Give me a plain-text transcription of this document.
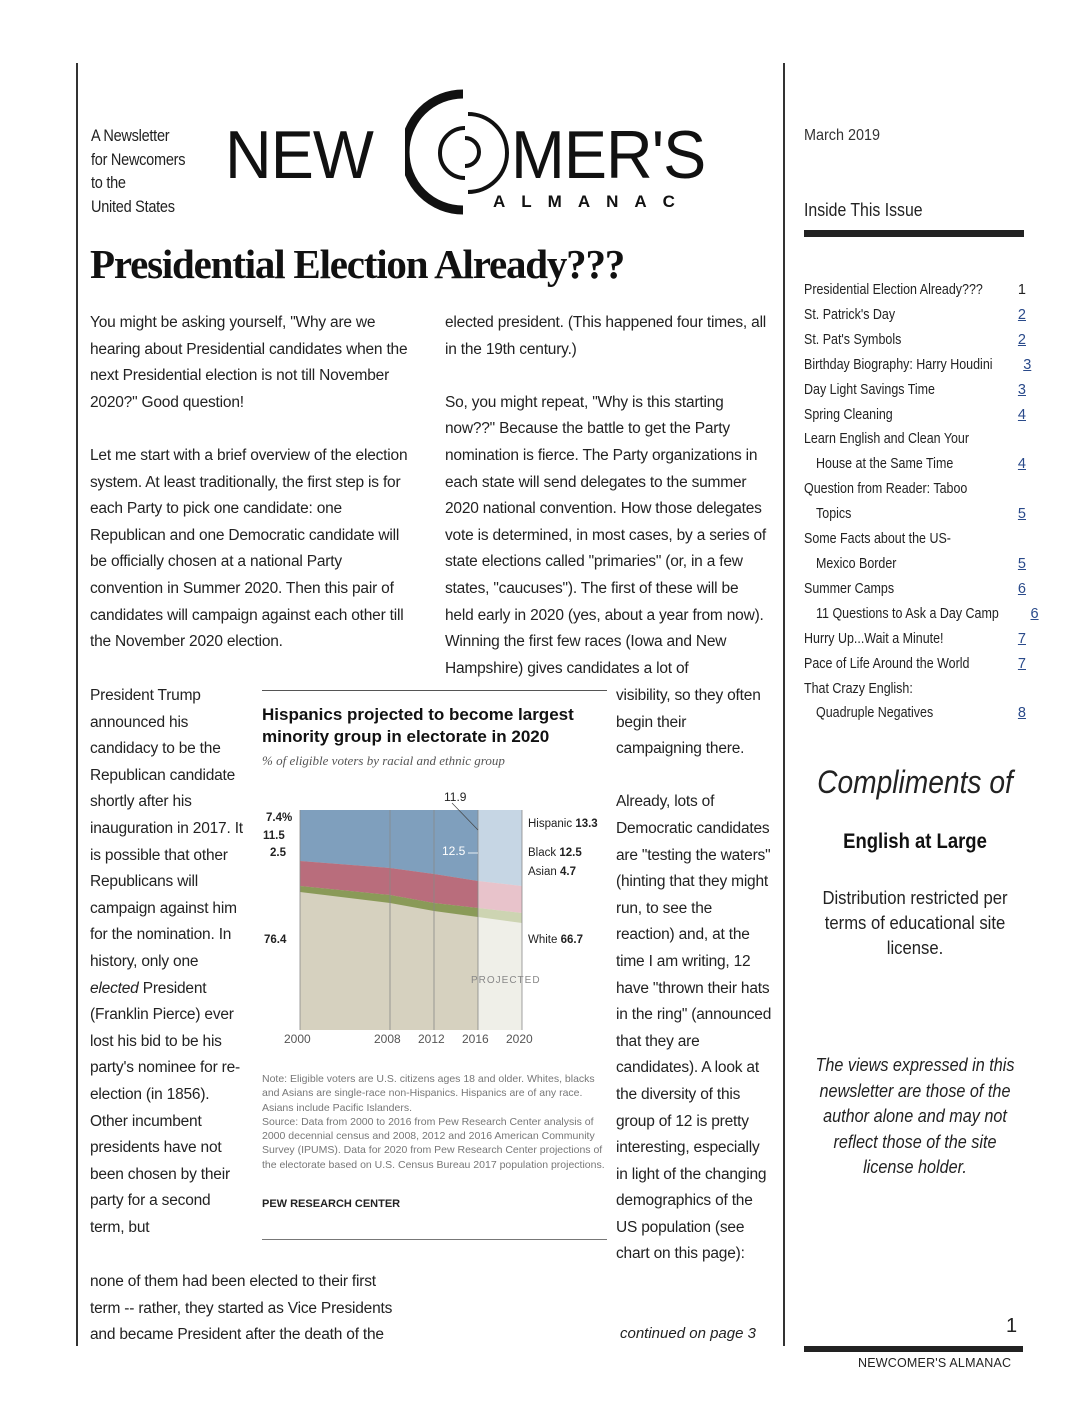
A Newsletter
for Newcomers
to the
United States
NEW MER'S
ALMANAC
Presidential Election Already???

You might be asking yourself, "Why are we hearing about Presidential candidates when the next Presidential election is not till November 2020?" Good question!

Let me start with a brief overview of the election system. At least traditionally, the first step is for each Party to pick one candidate: one Republican and one Democratic candidate will be officially chosen at a national Party convention in Summer 2020. Then this pair of candidates will campaign against each other till the November 2020 election.

President Trump announced his candidacy to be the Republican candidate shortly after his inauguration in 2017. It is possible that other Republicans will campaign against him for the nomination. In history, only one elected President (Franklin Pierce) ever lost his bid to be his party's nominee for re-election (in 1856). Other incumbent presidents have not been chosen by their party for a second term, but

none of them had been elected to their first term -- rather, they started as Vice Presidents and became President after the death of the

elected president. (This happened four times, all in the 19th century.)

So, you might repeat, "Why is this starting now??" Because the battle to get the Party nomination is fierce. The Party organizations in each state will send delegates to the summer 2020 national convention. How those delegates vote is determined, in most cases, by a series of state elections called "primaries" (or, in a few states, "caucuses"). The first of these will be held early in 2020 (yes, about a year from now). Winning the first few races (Iowa and New Hampshire) gives candidates a lot of

visibility, so they often begin their campaigning there.

Already, lots of Democratic candidates are "testing the waters" (hinting that they might run, to see the reaction) and, at the time I am writing, 12 have "thrown their hats in the ring" (announced that they are candidates). A look at the diversity of this group of 12 is pretty interesting, especially in light of the changing demographics of the US population (see chart on this page):

continued on page 3
Hispanics projected to become largest minority group in electorate in 2020
% of eligible voters by racial and ethnic group
7.4%
11.5
2.5
76.4
11.9
12.5
Hispanic 13.3
Black 12.5
Asian 4.7
White 66.7
PROJECTED
2000	2008 2012 2016 2020
Note: Eligible voters are U.S. citizens ages 18 and older. Whites, blacks and Asians are single-race non-Hispanics. Hispanics are of any race. Asians include Pacific Islanders.
Source: Data from 2000 to 2016 from Pew Research Center analysis of 2000 decennial census and 2008, 2012 and 2016 American Community Survey (IPUMS). Data for 2020 from Pew Research Center projections of the electorate based on U.S. Census Bureau 2017 population projections.
PEW RESEARCH CENTER
March 2019
Inside This Issue
Presidential Election Already??? 1
St. Patrick's Day	2
St. Pat's Symbols	2
Birthday Biography: Harry Houdini 3
Day Light Savings Time	3
Spring Cleaning	4
Learn English and Clean Your
House at the Same Time	4
Question from Reader: Taboo
Topics	5
Some Facts about the US-
Mexico Border	5
Summer Camps	6
11 Questions to Ask a Day Camp 6
Hurry Up...Wait a Minute!	7
Pace of Life Around the World	7
That Crazy English:
Quadruple Negatives	8
Compliments of
English at Large
Distribution restricted per terms of educational site license.
The views expressed in this newsletter are those of the author alone and may not reflect those of the site license holder.
1
NEWCOMER'S ALMANAC
